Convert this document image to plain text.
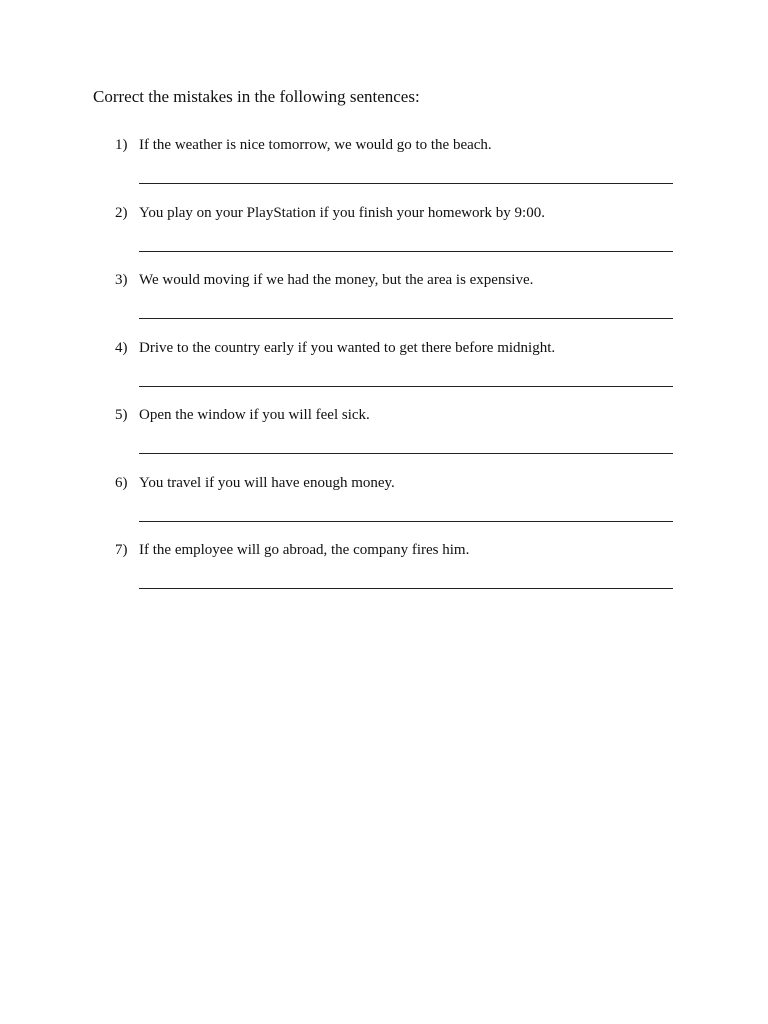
Correct the mistakes in the following sentences:
1) If the weather is nice tomorrow, we would go to the beach.
2) You play on your PlayStation if you finish your homework by 9:00.
3) We would moving if we had the money, but the area is expensive.
4) Drive to the country early if you wanted to get there before midnight.
5) Open the window if you will feel sick.
6) You travel if you will have enough money.
7) If the employee will go abroad, the company fires him.
